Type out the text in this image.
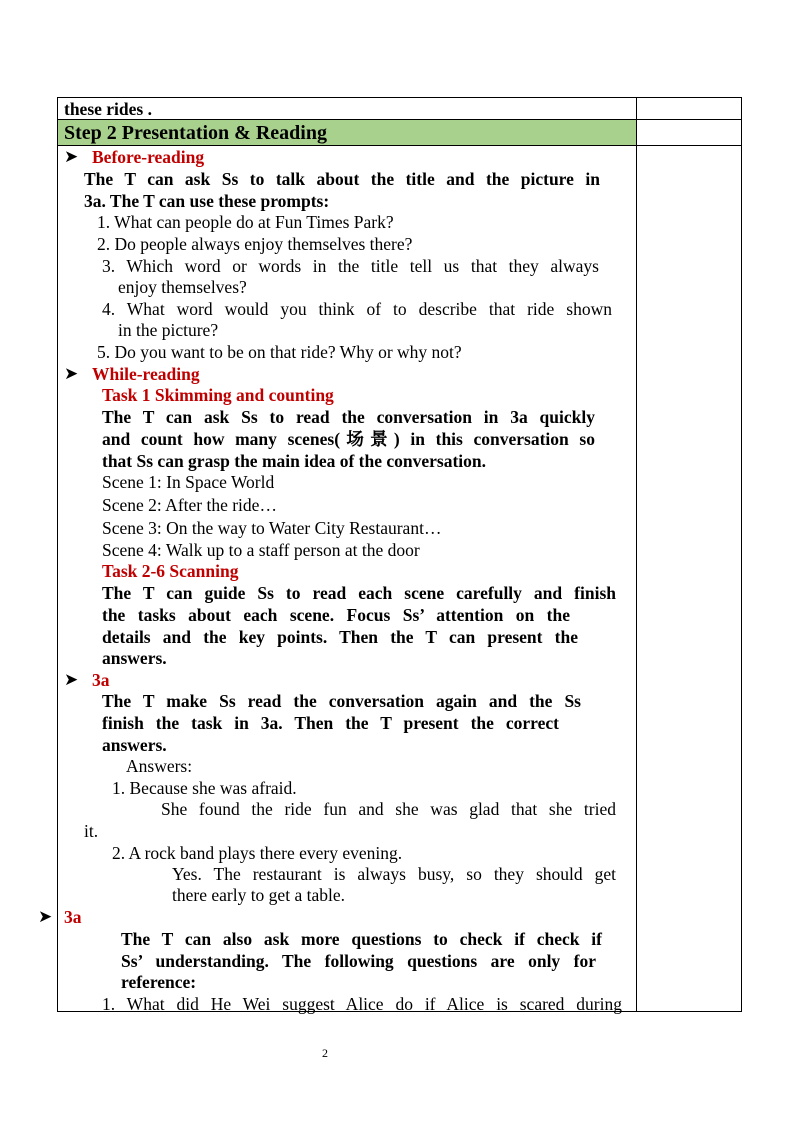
these rides .
Step 2 Presentation & Reading
➤ Before-reading
The T can ask Ss to talk about the title and the picture in
3a. The T can use these prompts:
1. What can people do at Fun Times Park?
2. Do people always enjoy themselves there?
3. Which word or words in the title tell us that they always
enjoy themselves?
4. What word would you think of to describe that ride shown
in the picture?
5. Do you want to be on that ride? Why or why not?
➤ While-reading
Task 1 Skimming and counting
The T can ask Ss to read the conversation in 3a quickly
and count how many scenes(场景) in this conversation so
that Ss can grasp the main idea of the conversation.
Scene 1: In Space World
Scene 2: After the ride…
Scene 3: On the way to Water City Restaurant…
Scene 4: Walk up to a staff person at the door
Task 2-6 Scanning
The T can guide Ss to read each scene carefully and finish
the tasks about each scene. Focus Ss’ attention on the
details and the key points. Then the T can present the
answers.
➤ 3a
The T make Ss read the conversation again and the Ss
finish the task in 3a. Then the T present the correct
answers.
Answers:
1. Because she was afraid.
She found the ride fun and she was glad that she tried
it.
2. A rock band plays there every evening.
Yes. The restaurant is always busy, so they should get
there early to get a table.
➤ 3a
The T can also ask more questions to check if check if
Ss’ understanding. The following questions are only for
reference:
1. What did He Wei suggest Alice do if Alice is scared during
2
